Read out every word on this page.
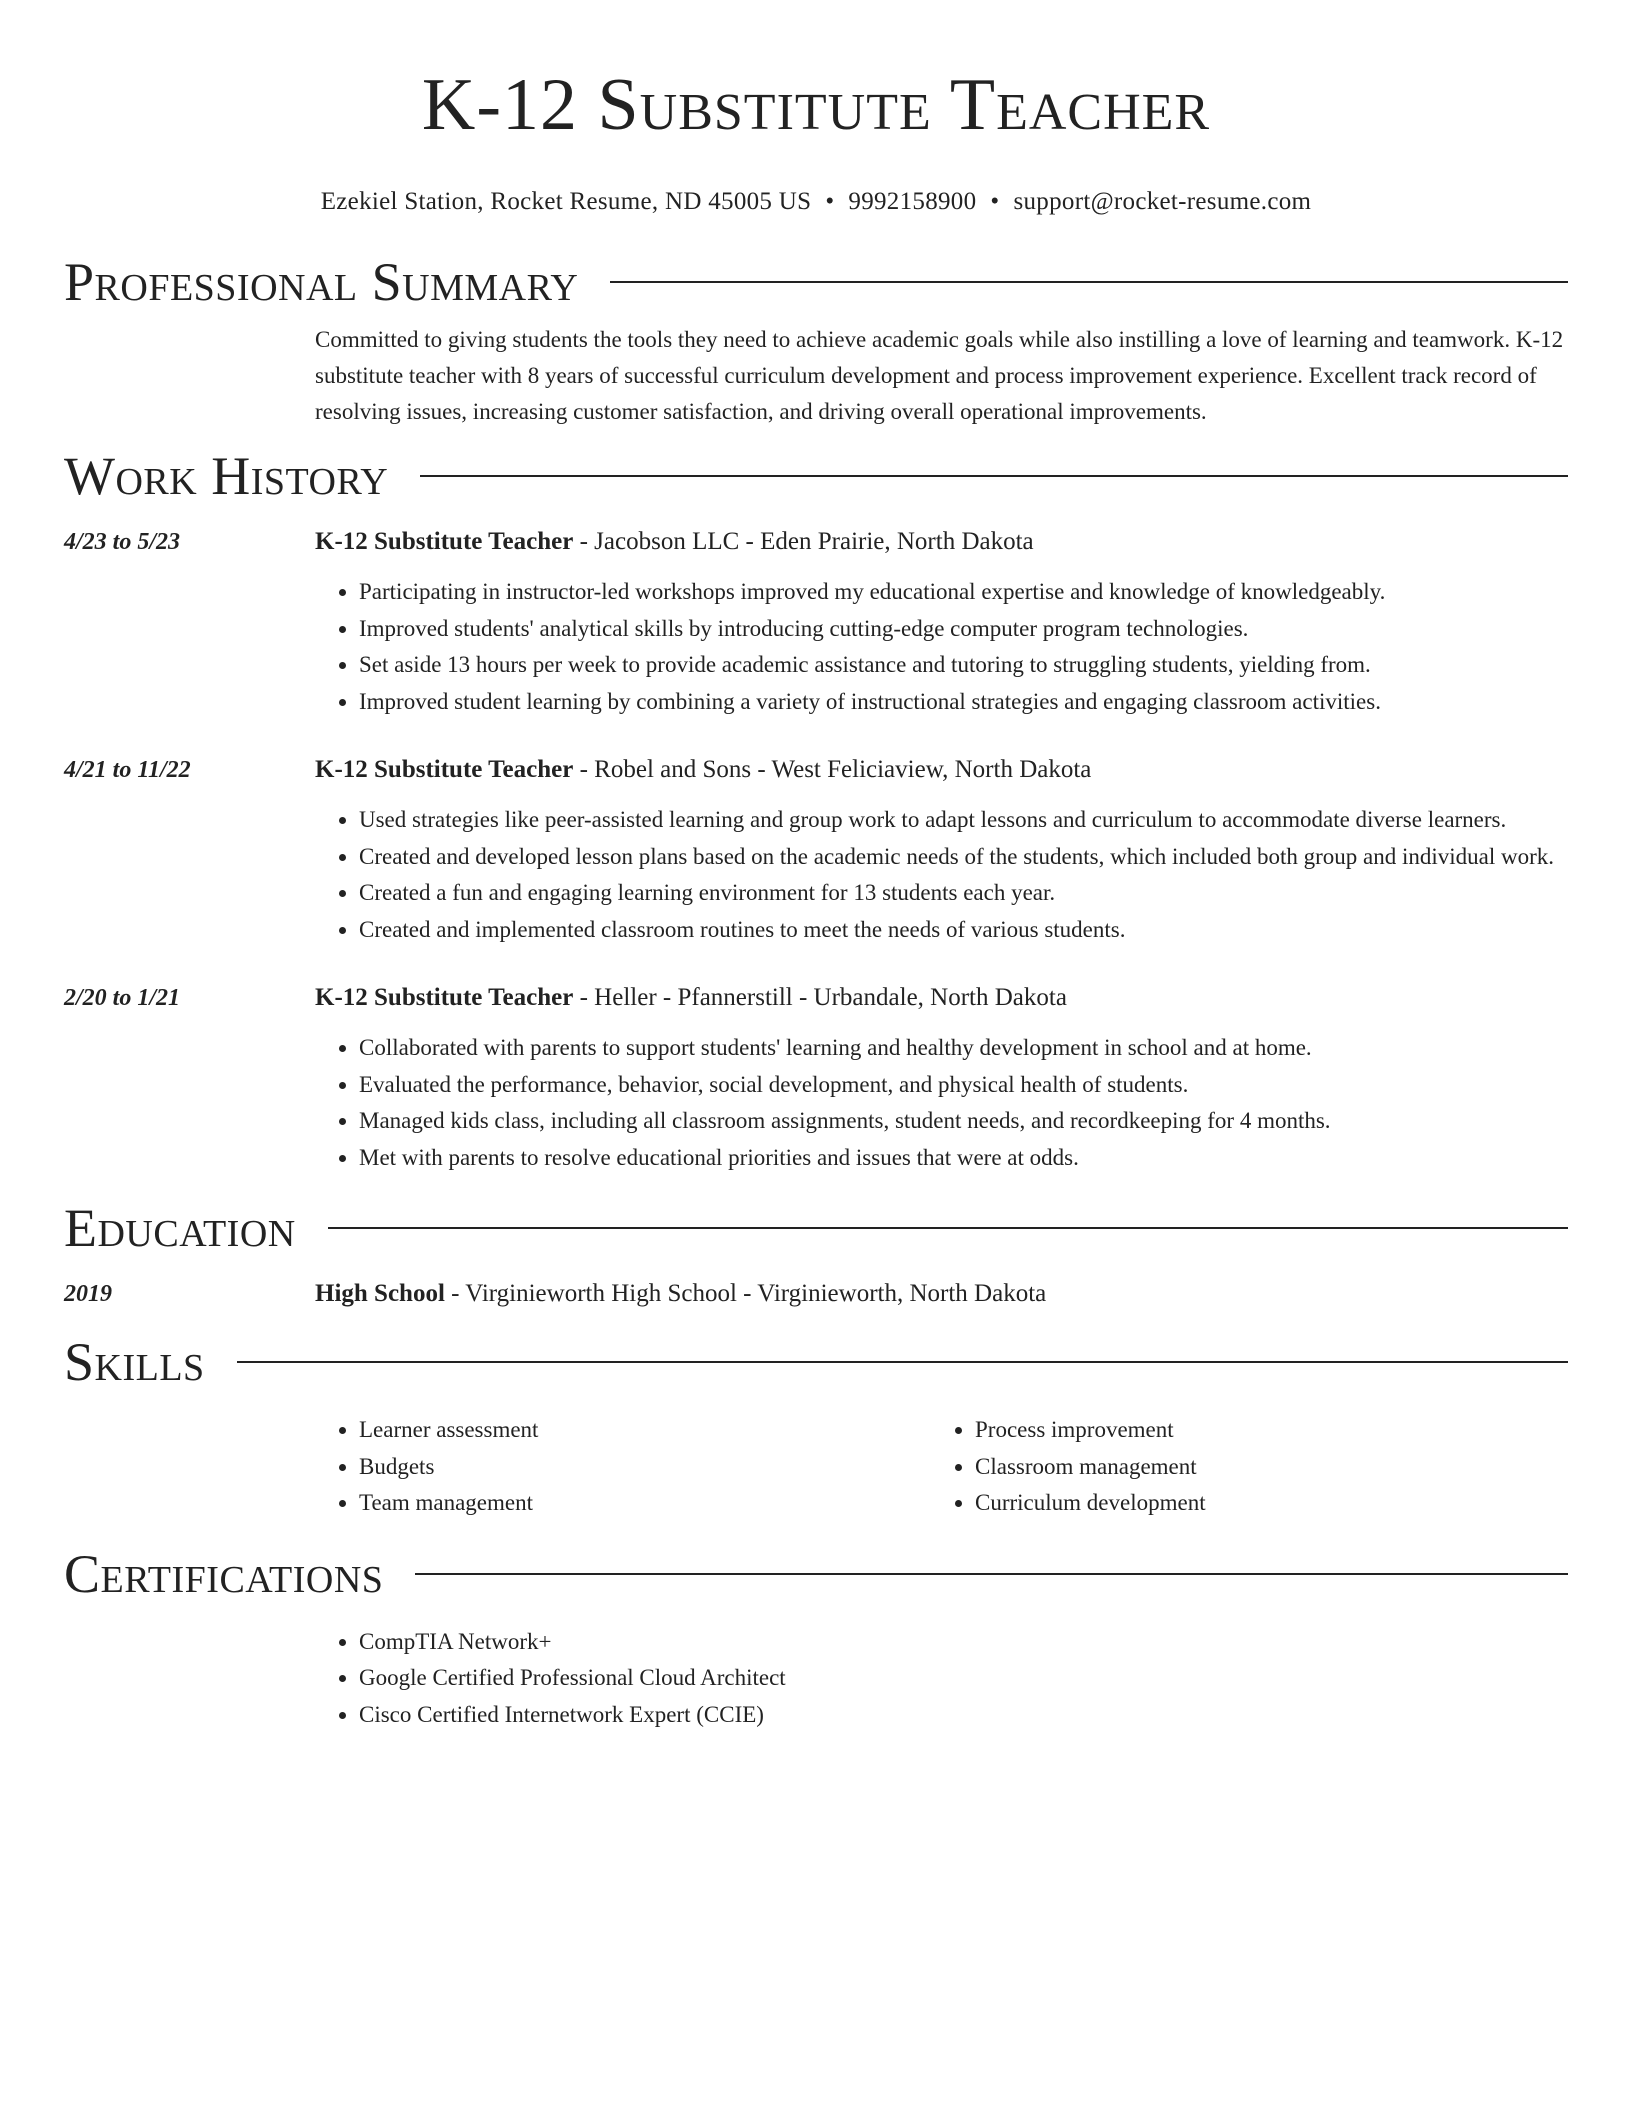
K-12 Substitute Teacher
Ezekiel Station, Rocket Resume, ND 45005 US • 9992158900 • support@rocket-resume.com
Professional Summary
Committed to giving students the tools they need to achieve academic goals while also instilling a love of learning and teamwork. K-12 substitute teacher with 8 years of successful curriculum development and process improvement experience. Excellent track record of resolving issues, increasing customer satisfaction, and driving overall operational improvements.
Work History
4/23 to 5/23	K-12 Substitute Teacher - Jacobson LLC - Eden Prairie, North Dakota
• Participating in instructor-led workshops improved my educational expertise and knowledge of knowledgeably.
• Improved students' analytical skills by introducing cutting-edge computer program technologies.
• Set aside 13 hours per week to provide academic assistance and tutoring to struggling students, yielding from.
• Improved student learning by combining a variety of instructional strategies and engaging classroom activities.
4/21 to 11/22	K-12 Substitute Teacher - Robel and Sons - West Feliciaview, North Dakota
• Used strategies like peer-assisted learning and group work to adapt lessons and curriculum to accommodate diverse learners.
• Created and developed lesson plans based on the academic needs of the students, which included both group and individual work.
• Created a fun and engaging learning environment for 13 students each year.
• Created and implemented classroom routines to meet the needs of various students.
2/20 to 1/21	K-12 Substitute Teacher - Heller - Pfannerstill - Urbandale, North Dakota
• Collaborated with parents to support students' learning and healthy development in school and at home.
• Evaluated the performance, behavior, social development, and physical health of students.
• Managed kids class, including all classroom assignments, student needs, and recordkeeping for 4 months.
• Met with parents to resolve educational priorities and issues that were at odds.
Education
2019	High School - Virginieworth High School - Virginieworth, North Dakota
Skills
• Learner assessment
• Budgets
• Team management
• Process improvement
• Classroom management
• Curriculum development
Certifications
• CompTIA Network+
• Google Certified Professional Cloud Architect
• Cisco Certified Internetwork Expert (CCIE)
